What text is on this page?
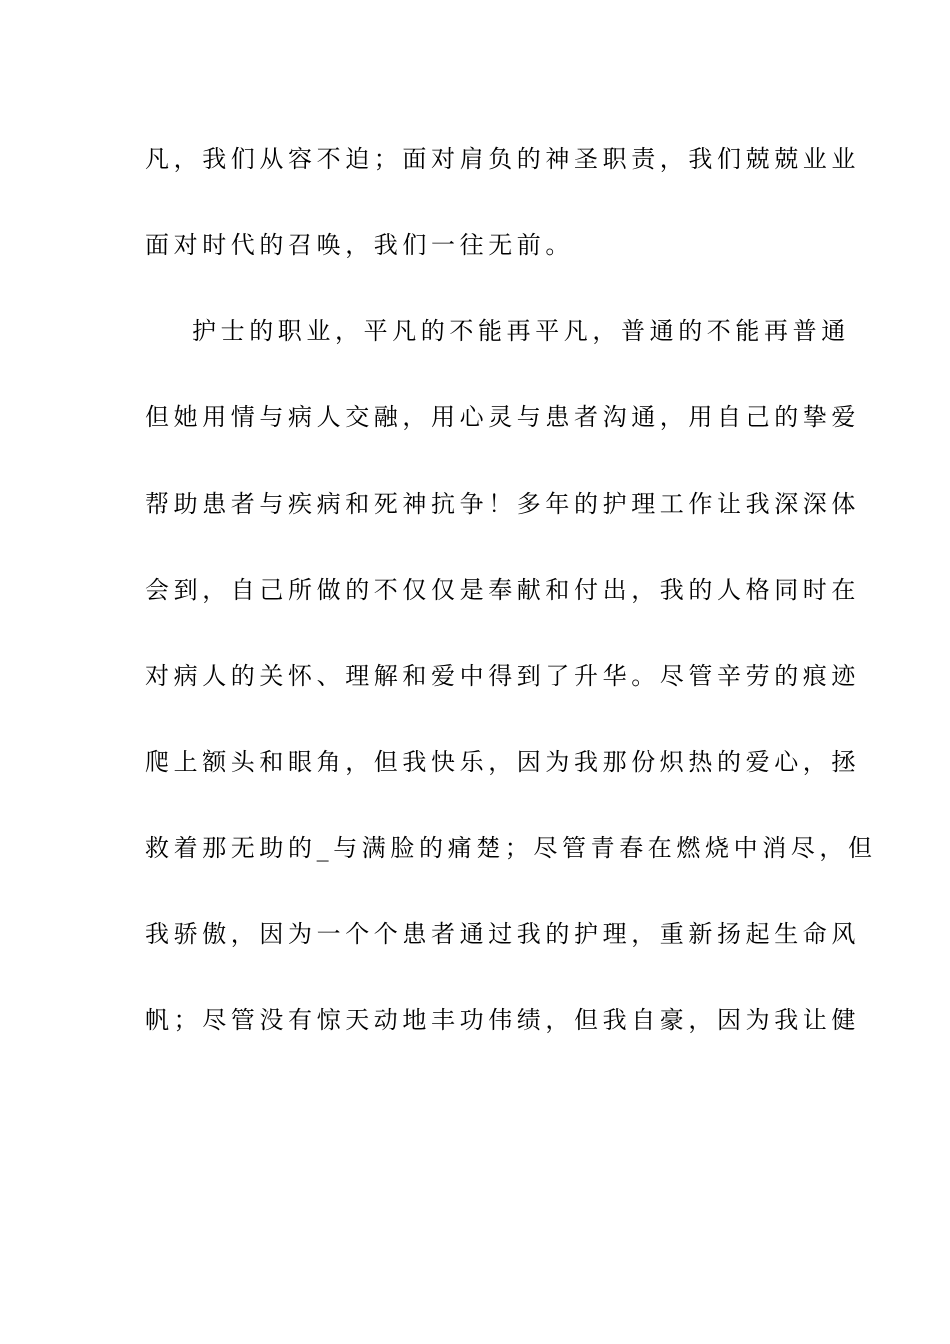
凡，我们从容不迫；面对肩负的神圣职责，我们兢兢业业
面对时代的召唤，我们一往无前。
护士的职业，平凡的不能再平凡，普通的不能再普通
但她用情与病人交融，用心灵与患者沟通，用自己的挚爱
帮助患者与疾病和死神抗争！多年的护理工作让我深深体
会到，自己所做的不仅仅是奉献和付出，我的人格同时在
对病人的关怀、理解和爱中得到了升华。尽管辛劳的痕迹
爬上额头和眼角，但我快乐，因为我那份炽热的爱心，拯
救着那无助的_与满脸的痛楚；尽管青春在燃烧中消尽，但
我骄傲，因为一个个患者通过我的护理，重新扬起生命风
帆；尽管没有惊天动地丰功伟绩，但我自豪，因为我让健
